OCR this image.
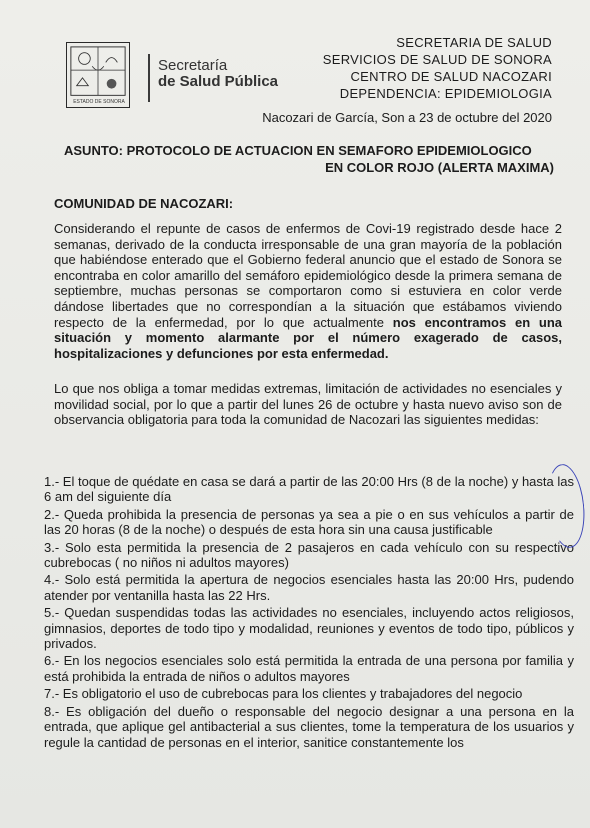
ESTADO DE SONORA
Secretaría
de Salud Pública
SECRETARIA DE SALUD
SERVICIOS DE SALUD DE SONORA
CENTRO DE SALUD NACOZARI
DEPENDENCIA: EPIDEMIOLOGIA
Nacozari de García, Son a 23 de octubre del 2020
ASUNTO: PROTOCOLO DE ACTUACION EN SEMAFORO EPIDEMIOLOGICO
EN COLOR ROJO (ALERTA MAXIMA)
COMUNIDAD DE NACOZARI:
Considerando el repunte de casos de enfermos de Covi-19 registrado desde hace 2 semanas, derivado de la conducta irresponsable de una gran mayoría de la población que habiéndose enterado que el Gobierno federal anuncio que el estado de Sonora se encontraba en color amarillo del semáforo epidemiológico desde la primera semana de septiembre, muchas personas se comportaron como si estuviera en color verde dándose libertades que no correspondían a la situación que estábamos viviendo respecto de la enfermedad, por lo que actualmente nos encontramos en una situación y momento alarmante por el número exagerado de casos, hospitalizaciones y defunciones por esta enfermedad.
Lo que nos obliga a tomar medidas extremas, limitación de actividades no esenciales y movilidad social, por lo que a partir del lunes 26 de octubre y hasta nuevo aviso son de observancia obligatoria para toda la comunidad de Nacozari las siguientes medidas:
1.- El toque de quédate en casa se dará a partir de las 20:00 Hrs (8 de la noche) y hasta las 6 am del siguiente día
2.- Queda prohibida la presencia de personas ya sea a pie o en sus vehículos a partir de las 20 horas (8 de la noche) o después de esta hora sin una causa justificable
3.- Solo esta permitida la presencia de 2 pasajeros en cada vehículo con su respectivo cubrebocas ( no niños ni adultos mayores)
4.- Solo está permitida la apertura de negocios esenciales hasta las 20:00 Hrs, pudendo atender por ventanilla hasta las 22 Hrs.
5.- Quedan suspendidas todas las actividades no esenciales, incluyendo actos religiosos, gimnasios, deportes de todo tipo y modalidad, reuniones y eventos de todo tipo, públicos y privados.
6.- En los negocios esenciales solo está permitida la entrada de una persona por familia y está prohibida la entrada de niños o adultos mayores
7.- Es obligatorio el uso de cubrebocas para los clientes y trabajadores del negocio
8.- Es obligación del dueño o responsable del negocio designar a una persona en la entrada, que aplique gel antibacterial a sus clientes, tome la temperatura de los usuarios y regule la cantidad de personas en el interior, sanitice constantemente los
